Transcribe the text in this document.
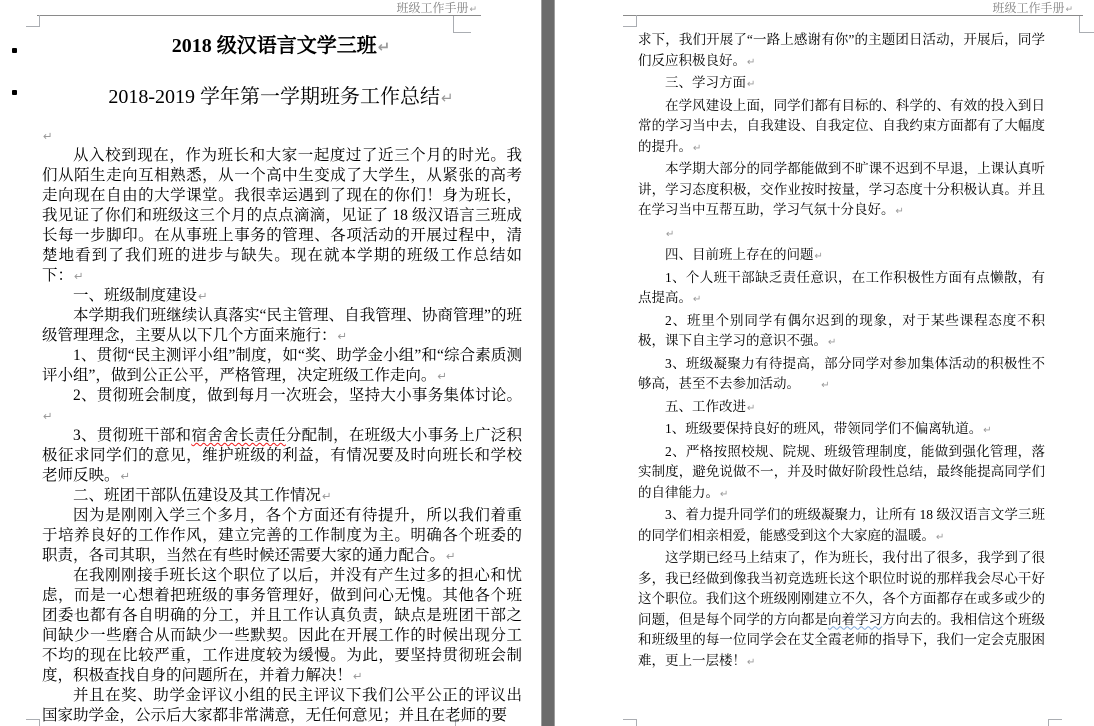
班级工作手册↵
2018 级汉语言文学三班↵
2018-2019 学年第一学期班务工作总结↵

↵

从入校到现在，作为班长和大家一起度过了近三个月的时光。我们从陌生走向互相熟悉，从一个高中生变成了大学生，从紧张的高考走向现在自由的大学课堂。我很幸运遇到了现在的你们！身为班长，我见证了你们和班级这三个月的点点滴滴，见证了 18 级汉语言三班成长每一步脚印。在从事班上事务的管理、各项活动的开展过程中，清楚地看到了我们班的进步与缺失。现在就本学期的班级工作总结如下：↵

一、班级制度建设↵

本学期我们班继续认真落实“民主管理、自我管理、协商管理”的班级管理理念，主要从以下几个方面来施行：↵

1、贯彻“民主测评小组”制度，如“奖、助学金小组”和“综合素质测评小组”，做到公正公平，严格管理，决定班级工作走向。↵

2、贯彻班会制度，做到每月一次班会，坚持大小事务集体讨论。↵

3、贯彻班干部和宿舍舍长责任分配制，在班级大小事务上广泛积极征求同学们的意见，维护班级的利益，有情况要及时向班长和学校老师反映。↵

二、班团干部队伍建设及其工作情况↵

因为是刚刚入学三个多月，各个方面还有待提升，所以我们着重于培养良好的工作作风，建立完善的工作制度为主。明确各个班委的职责，各司其职，当然在有些时候还需要大家的通力配合。↵

在我刚刚接手班长这个职位了以后，并没有产生过多的担心和忧虑，而是一心想着把班级的事务管理好，做到问心无愧。其他各个班团委也都有各自明确的分工，并且工作认真负责，缺点是班团干部之间缺少一些磨合从而缺少一些默契。因此在开展工作的时候出现分工不均的现在比较严重，工作进度较为缓慢。为此，要坚持贯彻班会制度，积极查找自身的问题所在，并着力解决！↵

并且在奖、助学金评议小组的民主评议下我们公平公正的评议出国家助学金，公示后大家都非常满意，无任何意见；并且在老师的要

班级工作手册↵

求下，我们开展了“一路上感谢有你”的主题团日活动，开展后，同学们反应积极良好。↵

三、学习方面↵

在学风建设上面，同学们都有目标的、科学的、有效的投入到日常的学习当中去，自我建设、自我定位、自我约束方面都有了大幅度的提升。↵

本学期大部分的同学都能做到不旷课不迟到不早退，上课认真听讲，学习态度积极，交作业按时按量，学习态度十分积极认真。并且在学习当中互帮互助，学习气氛十分良好。↵

↵

四、目前班上存在的问题↵

1、个人班干部缺乏责任意识，在工作积极性方面有点懒散，有点提高。↵

2、班里个别同学有偶尔迟到的现象，对于某些课程态度不积极，课下自主学习的意识不强。↵

3、班级凝聚力有待提高，部分同学对参加集体活动的积极性不够高，甚至不去参加活动。　　	↵

五、工作改进↵

1、班级要保持良好的班风，带领同学们不偏离轨道。↵

2、严格按照校规、院规、班级管理制度，能做到强化管理，落实制度，避免说做不一，并及时做好阶段性总结，最终能提高同学们的自律能力。↵

3、着力提升同学们的班级凝聚力，让所有 18 级汉语言文学三班的同学们相亲相爱，能感受到这个大家庭的温暖。↵

这学期已经马上结束了，作为班长，我付出了很多，我学到了很多，我已经做到像我当初竞选班长这个职位时说的那样我会尽心干好这个职位。我们这个班级刚刚建立不久，各个方面都存在或多或少的问题，但是每个同学的方向都是向着学习方向去的。我相信这个班级和班级里的每一位同学会在艾全霞老师的指导下，我们一定会克服困难，更上一层楼！↵
